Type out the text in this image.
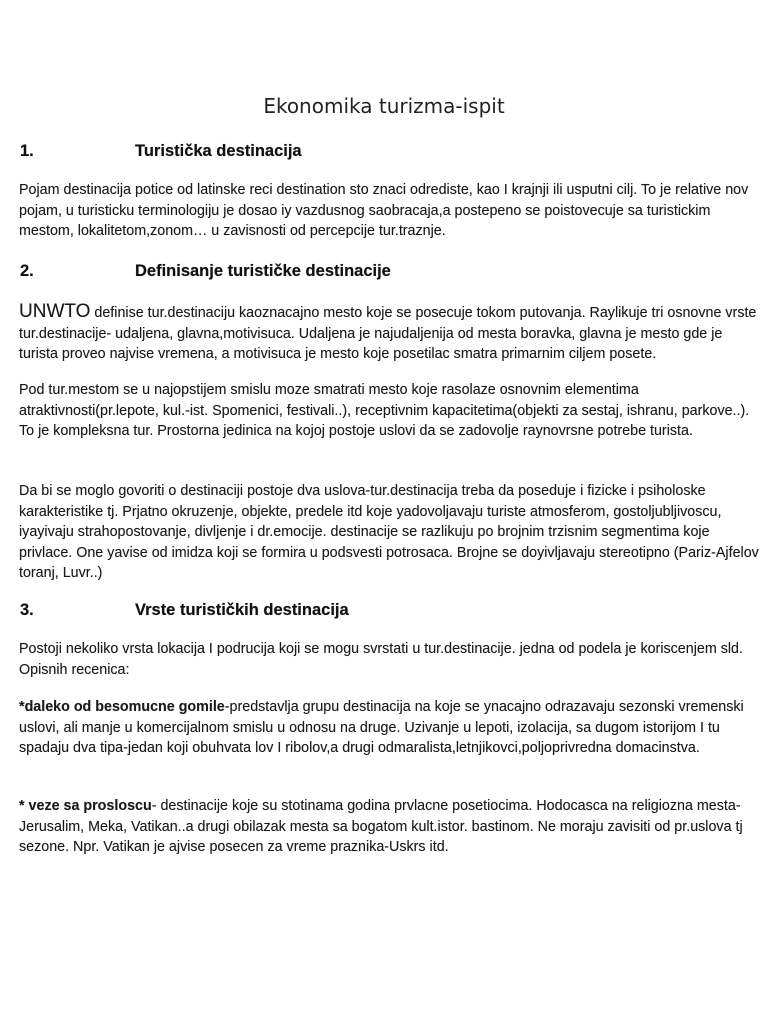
Ekonomika turizma-ispit
1.	Turistička destinacija
Pojam destinacija potice od latinske reci destination sto znaci odrediste, kao I krajnji ili usputni cilj. To je relative nov pojam, u turisticku terminologiju je dosao iy vazdusnog saobracaja,a postepeno se poistovecuje sa turistickim mestom, lokalitetom,zonom… u zavisnosti od percepcije tur.traznje.
2.	Definisanje turističke destinacije
UNWTO definise tur.destinaciju kaoznacajno mesto koje se posecuje tokom putovanja. Raylikuje tri osnovne vrste tur.destinacije- udaljena, glavna,motivisuca. Udaljena je najudaljenija od mesta boravka, glavna je mesto gde je turista proveo najvise vremena, a motivisuca je mesto koje posetilac smatra primarnim ciljem posete.
Pod tur.mestom se u najopstijem smislu moze smatrati mesto koje rasolaze osnovnim elementima atraktivnosti(pr.lepote, kul.-ist. Spomenici, festivali..), receptivnim kapacitetima(objekti za sestaj, ishranu, parkove..). To je kompleksna tur. Prostorna jedinica na kojoj postoje uslovi da se zadovolje raynovrsne potrebe turista.
Da bi se moglo govoriti o destinaciji postoje dva uslova-tur.destinacija treba da poseduje i fizicke i psiholoske karakteristike tj. Prjatno okruzenje, objekte, predele itd koje yadovoljavaju turiste atmosferom, gostoljubljivoscu, iyayivaju strahopostovanje, divljenje i dr.emocije. destinacije se razlikuju po brojnim trzisnim segmentima koje privlace. One yavise od imidza koji se formira u podsvesti potrosaca. Brojne se doyivljavaju stereotipno (Pariz-Ajfelov toranj, Luvr..)
3.	Vrste turističkih destinacija
Postoji nekoliko vrsta lokacija I podrucija koji se mogu svrstati u tur.destinacije. jedna od podela je koriscenjem sld. Opisnih recenica:
*daleko od besomucne gomile-predstavlja grupu destinacija na koje se ynacajno odrazavaju sezonski vremenski uslovi, ali manje u komercijalnom smislu u odnosu na druge. Uzivanje u lepoti, izolacija, sa dugom istorijom I tu spadaju dva tipa-jedan koji obuhvata lov I ribolov,a drugi odmaralista,letnjikovci,poljoprivredna domacinstva.
* veze sa prosloscu- destinacije koje su stotinama godina prvlacne posetiocima. Hodocasca na religiozna mesta- Jerusalim, Meka, Vatikan..a drugi obilazak mesta sa bogatom kult.istor. bastinom. Ne moraju zavisiti od pr.uslova tj sezone. Npr. Vatikan je ajvise posecen za vreme praznika-Uskrs itd.
